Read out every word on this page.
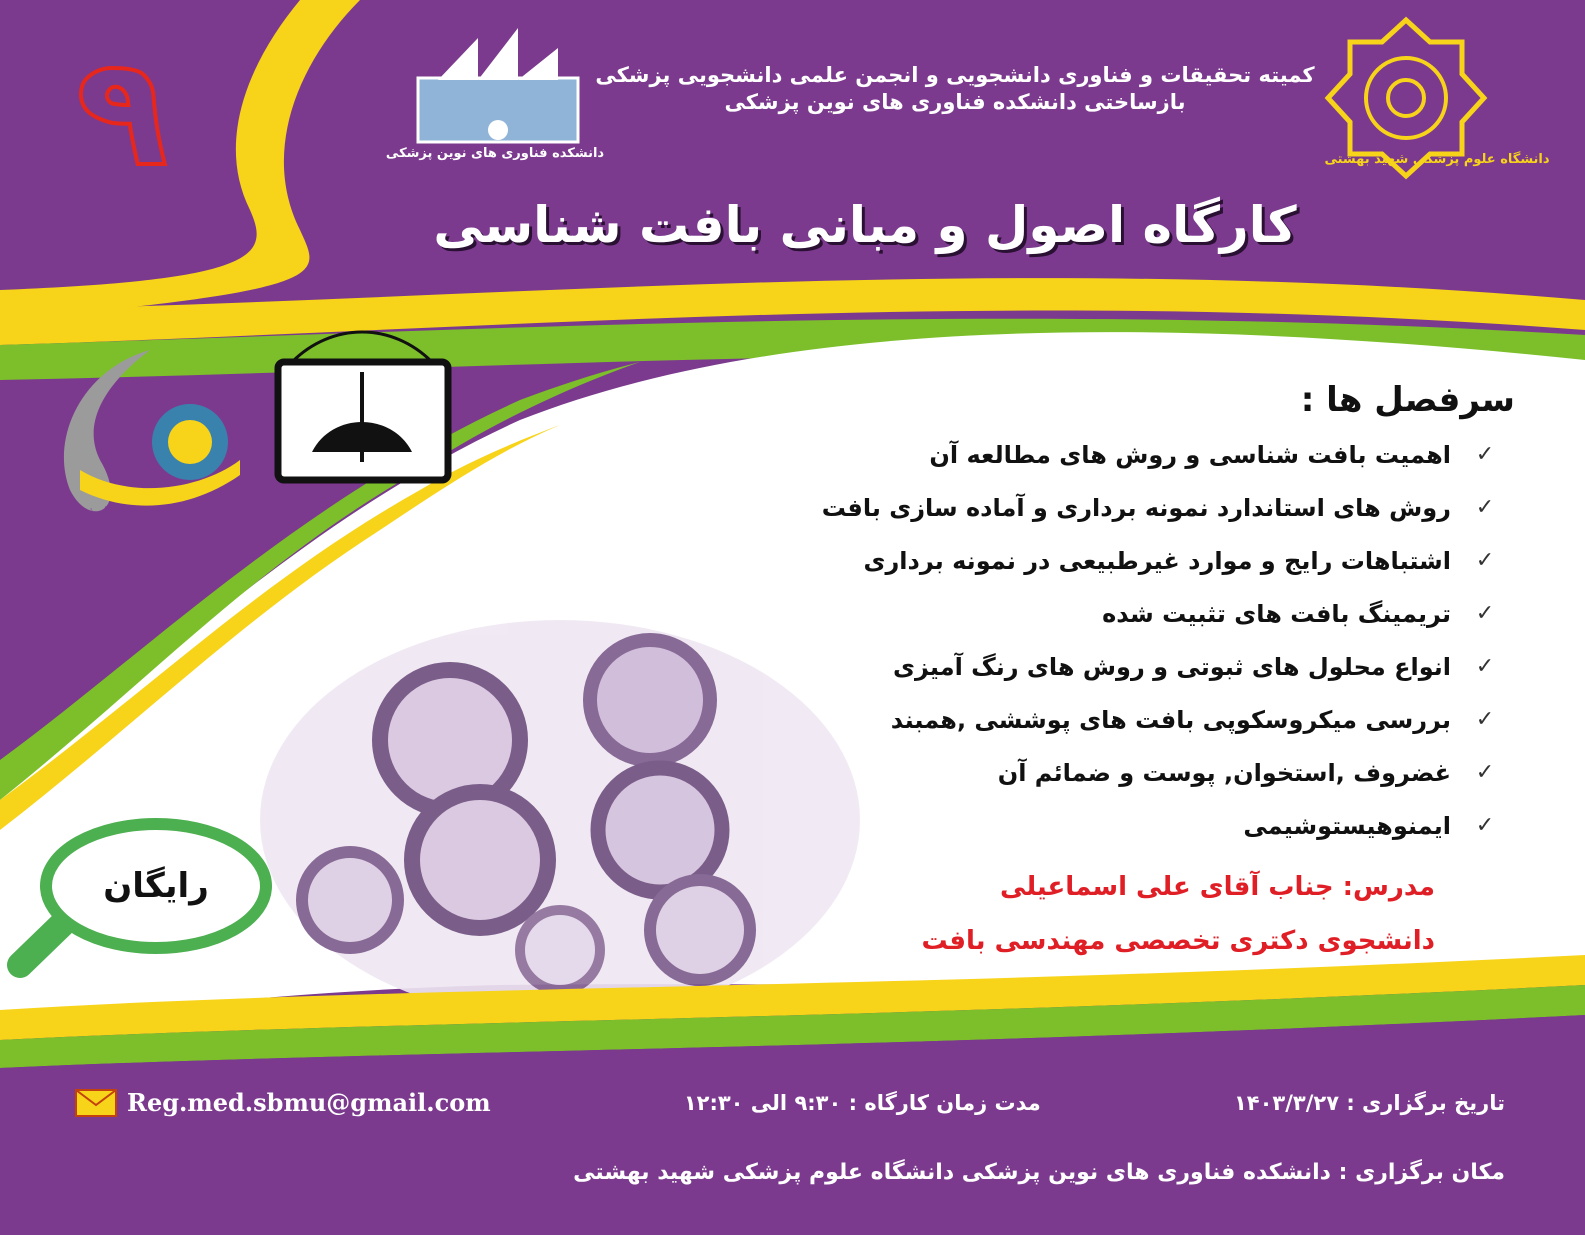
۹	کمیته تحقیقات و فناوری دانشجویی و انجمن علمی دانشجویی پزشکی بازساختی دانشکده فناوری های نوین پزشکی
دانشگاه علوم پزشکی شهید بهشتی
دانشکده فناوری های نوین پزشکی
کارگاه اصول و مبانی بافت شناسی
انجمن های علمی دانشجویی
سرفصل ها :
✓
اهمیت بافت شناسی و روش های مطالعه آن
✓
روش های استاندارد نمونه برداری و آماده سازی بافت
✓
اشتباهات رایج و موارد غیرطبیعی در نمونه برداری
✓
تریمینگ بافت های تثبیت شده
✓
انواع محلول های ثبوتی و روش های رنگ آمیزی
✓
بررسی میکروسکوپی بافت های پوششی ,همبند
✓
غضروف ,استخوان, پوست و ضمائم آن
✓
ایمنوهیستوشیمی
مدرس: جناب آقای علی اسماعیلی
دانشجوی دکتری تخصصی مهندسی بافت
رایگان
Reg.med.sbmu@gmail.com	مدت زمان کارگاه : ۹:۳۰ الی ۱۲:۳۰	تاریخ برگزاری : ۱۴۰۳/۳/۲۷
مکان برگزاری : دانشکده فناوری های نوین پزشکی دانشگاه علوم پزشکی شهید بهشتی
